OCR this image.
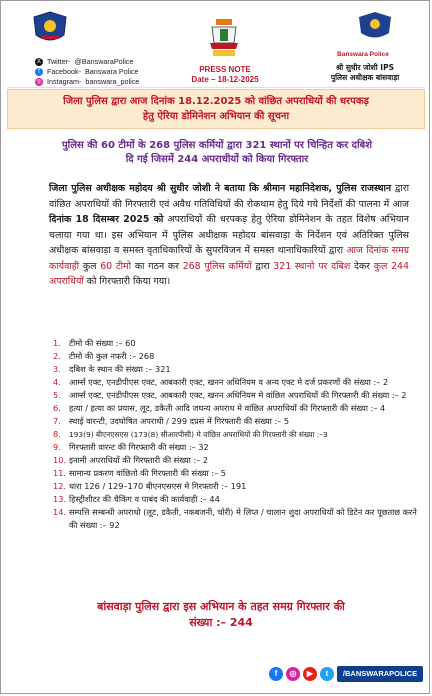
X Twitter- @BanswaraPolice
f Facebook- Banswara Police
◎ Instagram- banswara_police
PRESS NOTE
Date – 18-12-2025
Banswara Police
श्री सुधीर जोशी IPS
पुलिस अधीक्षक बांसवाड़ा
जिला पुलिस द्वारा आज दिनांक 18.12.2025 को वांछित अपराधियों की धरपकड़
हेतु ऐरिया डोमिनेशन अभियान की सूचना
पुलिस की 60 टीमों के 268 पुलिस कर्मियों द्वारा 321 स्थानों पर चिन्हित कर दबिशे
दि गई जिसमें 244 अपराधीयों को किया गिरफ्तार
जिला पुलिस अधीक्षक महोदय श्री सुधीर जोशी ने बताया कि श्रीमान महानिदेशक, पुलिस राजस्थान द्वारा वांछित अपराधियों की गिरफ्तारी एवं अवैध गतिविधियों की रोकथाम हेतु दिये गये निर्देशों की पालना में आज दिनांक 18 दिसम्बर 2025 को अपराधियों की धरपकड़ हेतु ऐरिया डोमिनेशन के तहत विशेष अभियान चलाया गया था। इस अभियान में पुलिस अधीक्षक महोदय बांसवाड़ा के निर्देशन एवं अतिरिक्त पुलिस अधीक्षक बांसवाड़ा व समस्त वृताधिकारियों के सुपरविजन में समस्त थानाधिकारियों द्वारा आज दिनांक समग्र कार्यवाही कुल 60 टीमो का गठन कर 268 पुलिस कर्मियों द्वारा 321 स्थानो पर दबिश देकर कुल 244 अपराधियों को गिरफ्तारी किया गया।
1. टीमो की संख्या :– 60
2. टीमो की कुल नफरी :– 268
3. दबिश के स्थान की संख्या :– 321
4. आर्म्स एक्ट, एनडीपीएस एक्ट, आबकारी एक्ट, खनन अधिनियम व अन्य एक्ट मे दर्ज प्रकरणों की संख्या :– 2
5. आर्म्स एक्ट, एनडीपीएस एक्ट, आबकारी एक्ट, खनन अधिनियम मे वांछित अपराधियों की गिरफ्तारी की संख्या :– 2
6. हत्या / हत्या का प्रयास, लूट, डकैती आदि जघन्य अपराध मे वांछित अपराधियों की गिरफ्तारी की संख्या :– 4
7. स्थाई वारन्टी, उदघोषित अपराधी / 299 दप्रसं में गिरफ्तारी की संख्या :– 5
8. 193(9) बीएनएसएस (173(8) सीआरपीसी) मे वांछित अपराधियों की गिरफ्तारी की संख्या :–3
9. गिरफ्तारी वारन्ट की गिरफ्तारी की संख्या :– 32
10. इनामी अपराधियों की गिरफ्तारी की संख्या :– 2
11. सामान्य प्रकरण वांछितो की गिरफ्तारी की संख्या :– 5
12. धारा 126 / 129–170 बीएनएसएस मे गिरफ्तारी :– 191
13. हिस्ट्रीशीटर की चैकिंग व पाबंद की कार्यवाही :– 44
14. सम्पत्ति सम्बन्धी अपराधो (लूट, डकैती, नकबजनी, चोरी) मे लिप्त / चालान शुदा अपराधियों को डिटेन कर पूछताछ करने की संख्या :– 92
बांसवाड़ा पुलिस द्वारा इस अभियान के तहत समग्र गिरफ्तार की
संख्या :– 244
f	◎	▶	t	/BANSWARAPOLICE
